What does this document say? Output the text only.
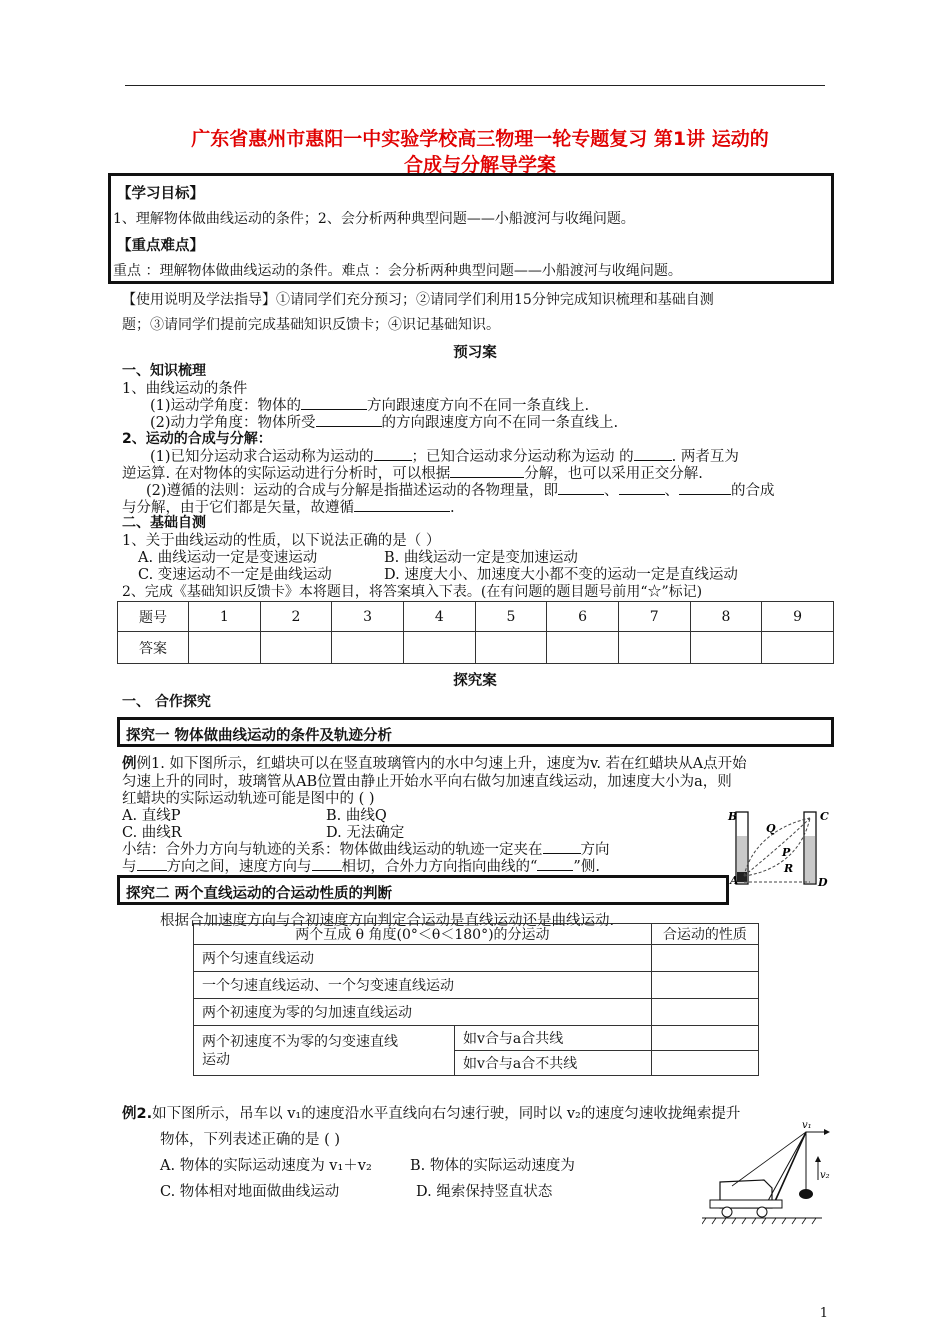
广东省惠州市惠阳一中实验学校高三物理一轮专题复习 第1讲 运动的
合成与分解导学案
【学习目标】
1、理解物体做曲线运动的条件；2、会分析两种典型问题——小船渡河与收绳问题。
【重点难点】
重点 ：理解物体做曲线运动的条件。难点 ：会分析两种典型问题——小船渡河与收绳问题。
【使用说明及学法指导】①请同学们充分预习；②请同学们利用15分钟完成知识梳理和基础自测
题；③请同学们提前完成基础知识反馈卡；④识记基础知识。
预习案
一、知识梳理
1、曲线运动的条件
(1)运动学角度：物体的	方向跟速度方向不在同一条直线上.
(2)动力学角度：物体所受	的方向跟速度方向不在同一条直线上.
2、运动的合成与分解：
(1)已知分运动求合运动称为运动的	；已知合运动求分运动称为运动 的	. 两者互为
逆运算. 在对物体的实际运动进行分析时，可以根据	分解，也可以采用正交分解.
(2)遵循的法则：运动的合成与分解是指描述运动的各物理量，即	、	、	的合成
与分解，由于它们都是矢量，故遵循	.
二、基础自测
1、关于曲线运动的性质，以下说法正确的是（ ）
A. 曲线运动一定是变速运动	B. 曲线运动一定是变加速运动
C. 变速运动不一定是曲线运动	D. 速度大小、加速度大小都不变的运动一定是直线运动
2、完成《基础知识反馈卡》本将题目，将答案填入下表。(在有问题的题目题号前用“☆”标记)
题号	1	2	3	4	5	6	7	8	9
答案									
探究案
一、 合作探究
探究一 物体做曲线运动的条件及轨迹分析
例例1. 如下图所示，红蜡块可以在竖直玻璃管内的水中匀速上升，速度为v. 若在红蜡块从A点开始
匀速上升的同时，玻璃管从AB位置由静止开始水平向右做匀加速直线运动，加速度大小为a，则
红蜡块的实际运动轨迹可能是图中的 ( )
A. 直线P	B. 曲线Q
C. 曲线R	D. 无法确定
小结：合外力方向与轨迹的关系：物体做曲线运动的轨迹一定夹在	方向
与 方向之间，速度方向与 相切，合外力方向指向曲线的“ ”侧.
B
Q
C
P
R
A	D
探究二 两个直线运动的合运动性质的判断
根据合加速度方向与合初速度方向判定合运动是直线运动还是曲线运动.
两个互成 θ 角度(0°＜θ＜180°)的分运动		合运动的性质
两个匀速直线运动		
一个匀速直线运动、一个匀变速直线运动		
两个初速度为零的匀加速直线运动		
两个初速度不为零的匀变速直线
运动	如v合与a合共线	
	如v合与a合不共线	
例2.如下图所示，吊车以 v₁的速度沿水平直线向右匀速行驶，同时以 v₂的速度匀速收拢绳索提升
物体，下列表述正确的是 ( )
A. 物体的实际运动速度为 v₁＋v₂	B. 物体的实际运动速度为
C. 物体相对地面做曲线运动	D. 绳索保持竖直状态
v₁
v₂
1
